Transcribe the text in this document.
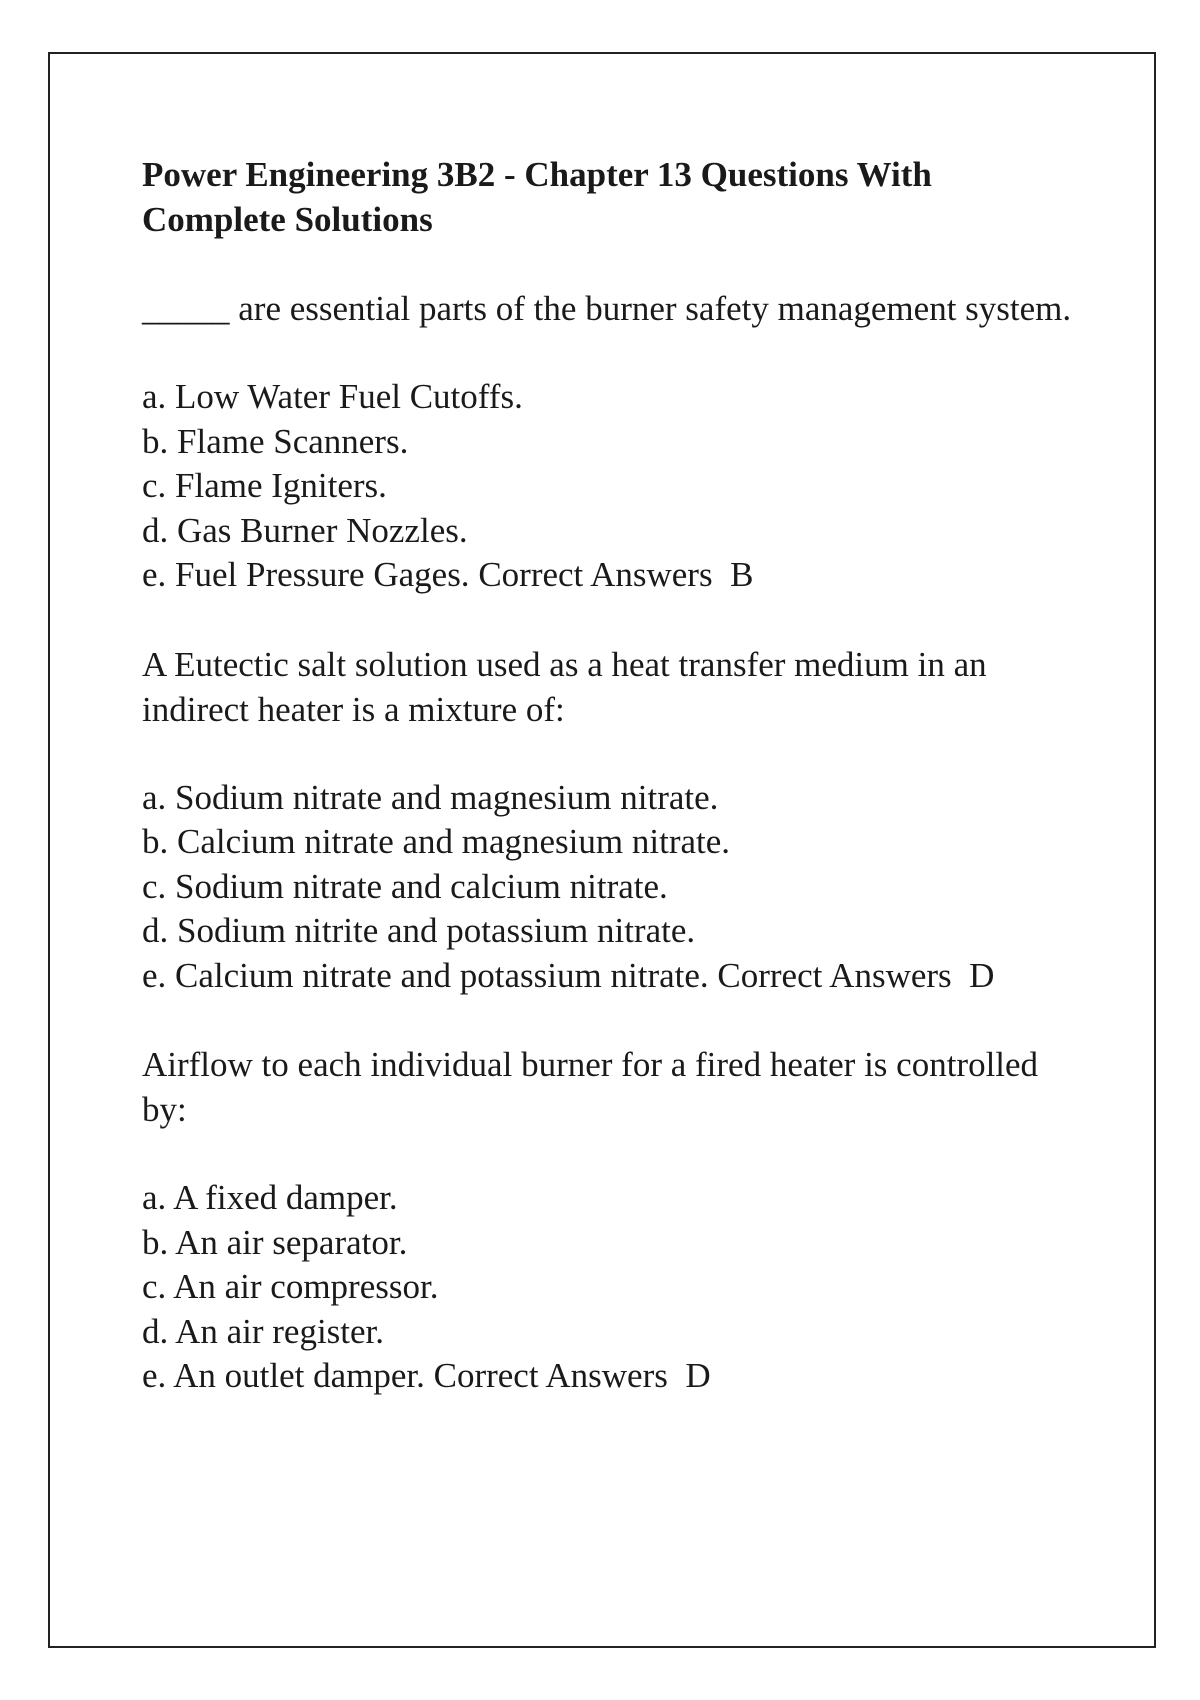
Power Engineering 3B2 - Chapter 13 Questions With Complete Solutions

_____ are essential parts of the burner safety management system.

a. Low Water Fuel Cutoffs.
b. Flame Scanners.
c. Flame Igniters.
d. Gas Burner Nozzles.
e. Fuel Pressure Gages. Correct Answers B

A Eutectic salt solution used as a heat transfer medium in an indirect heater is a mixture of:

a. Sodium nitrate and magnesium nitrate.
b. Calcium nitrate and magnesium nitrate.
c. Sodium nitrate and calcium nitrate.
d. Sodium nitrite and potassium nitrate.
e. Calcium nitrate and potassium nitrate. Correct Answers D

Airflow to each individual burner for a fired heater is controlled by:

a. A fixed damper.
b. An air separator.
c. An air compressor.
d. An air register.
e. An outlet damper. Correct Answers D
